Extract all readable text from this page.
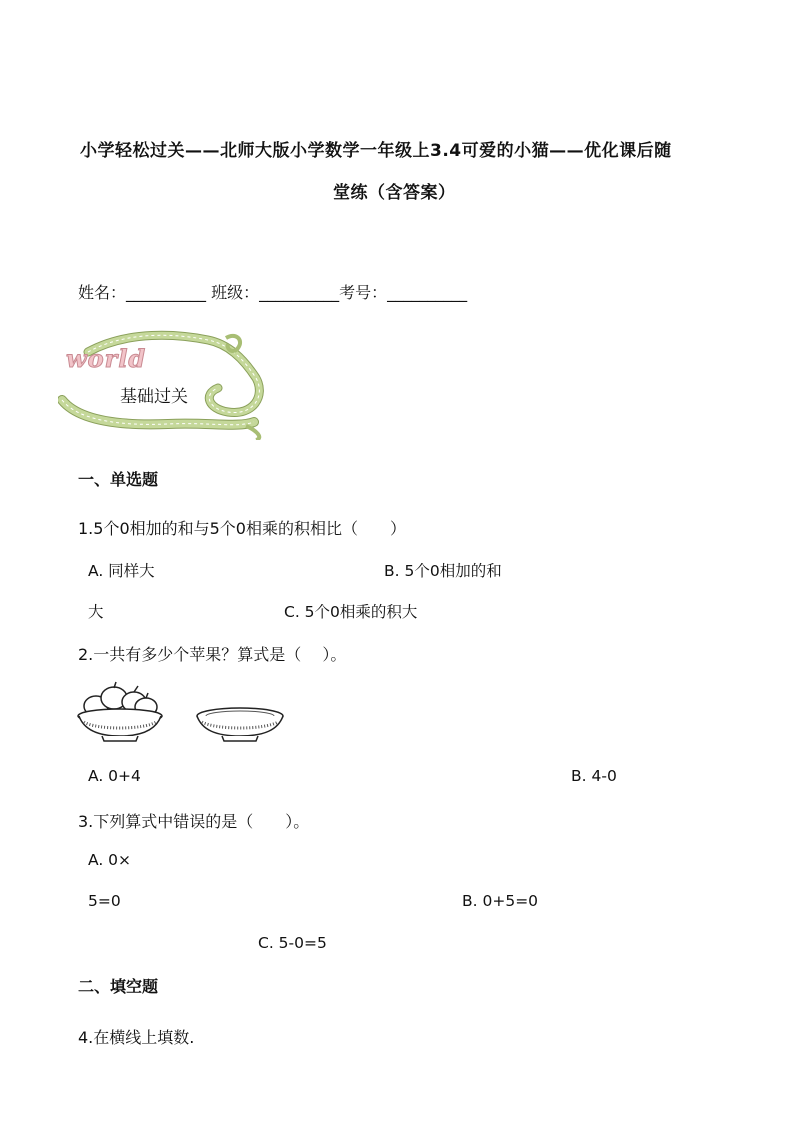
小学轻松过关——北师大版小学数学一年级上3.4可爱的小猫——优化课后随
堂练（含答案）
姓名：__________ 班级：__________考号：__________
world
基础过关
一、单选题
1.5个0相加的和与5个0相乘的积相比（　　）
A. 同样大	B. 5个0相加的和
大	C. 5个0相乘的积大
2.一共有多少个苹果？算式是（　 ）。
A. 0+4	B. 4-0
3.下列算式中错误的是（　　）。
A. 0×
5=0	B. 0+5=0
C. 5-0=5
二、填空题
4.在横线上填数.
